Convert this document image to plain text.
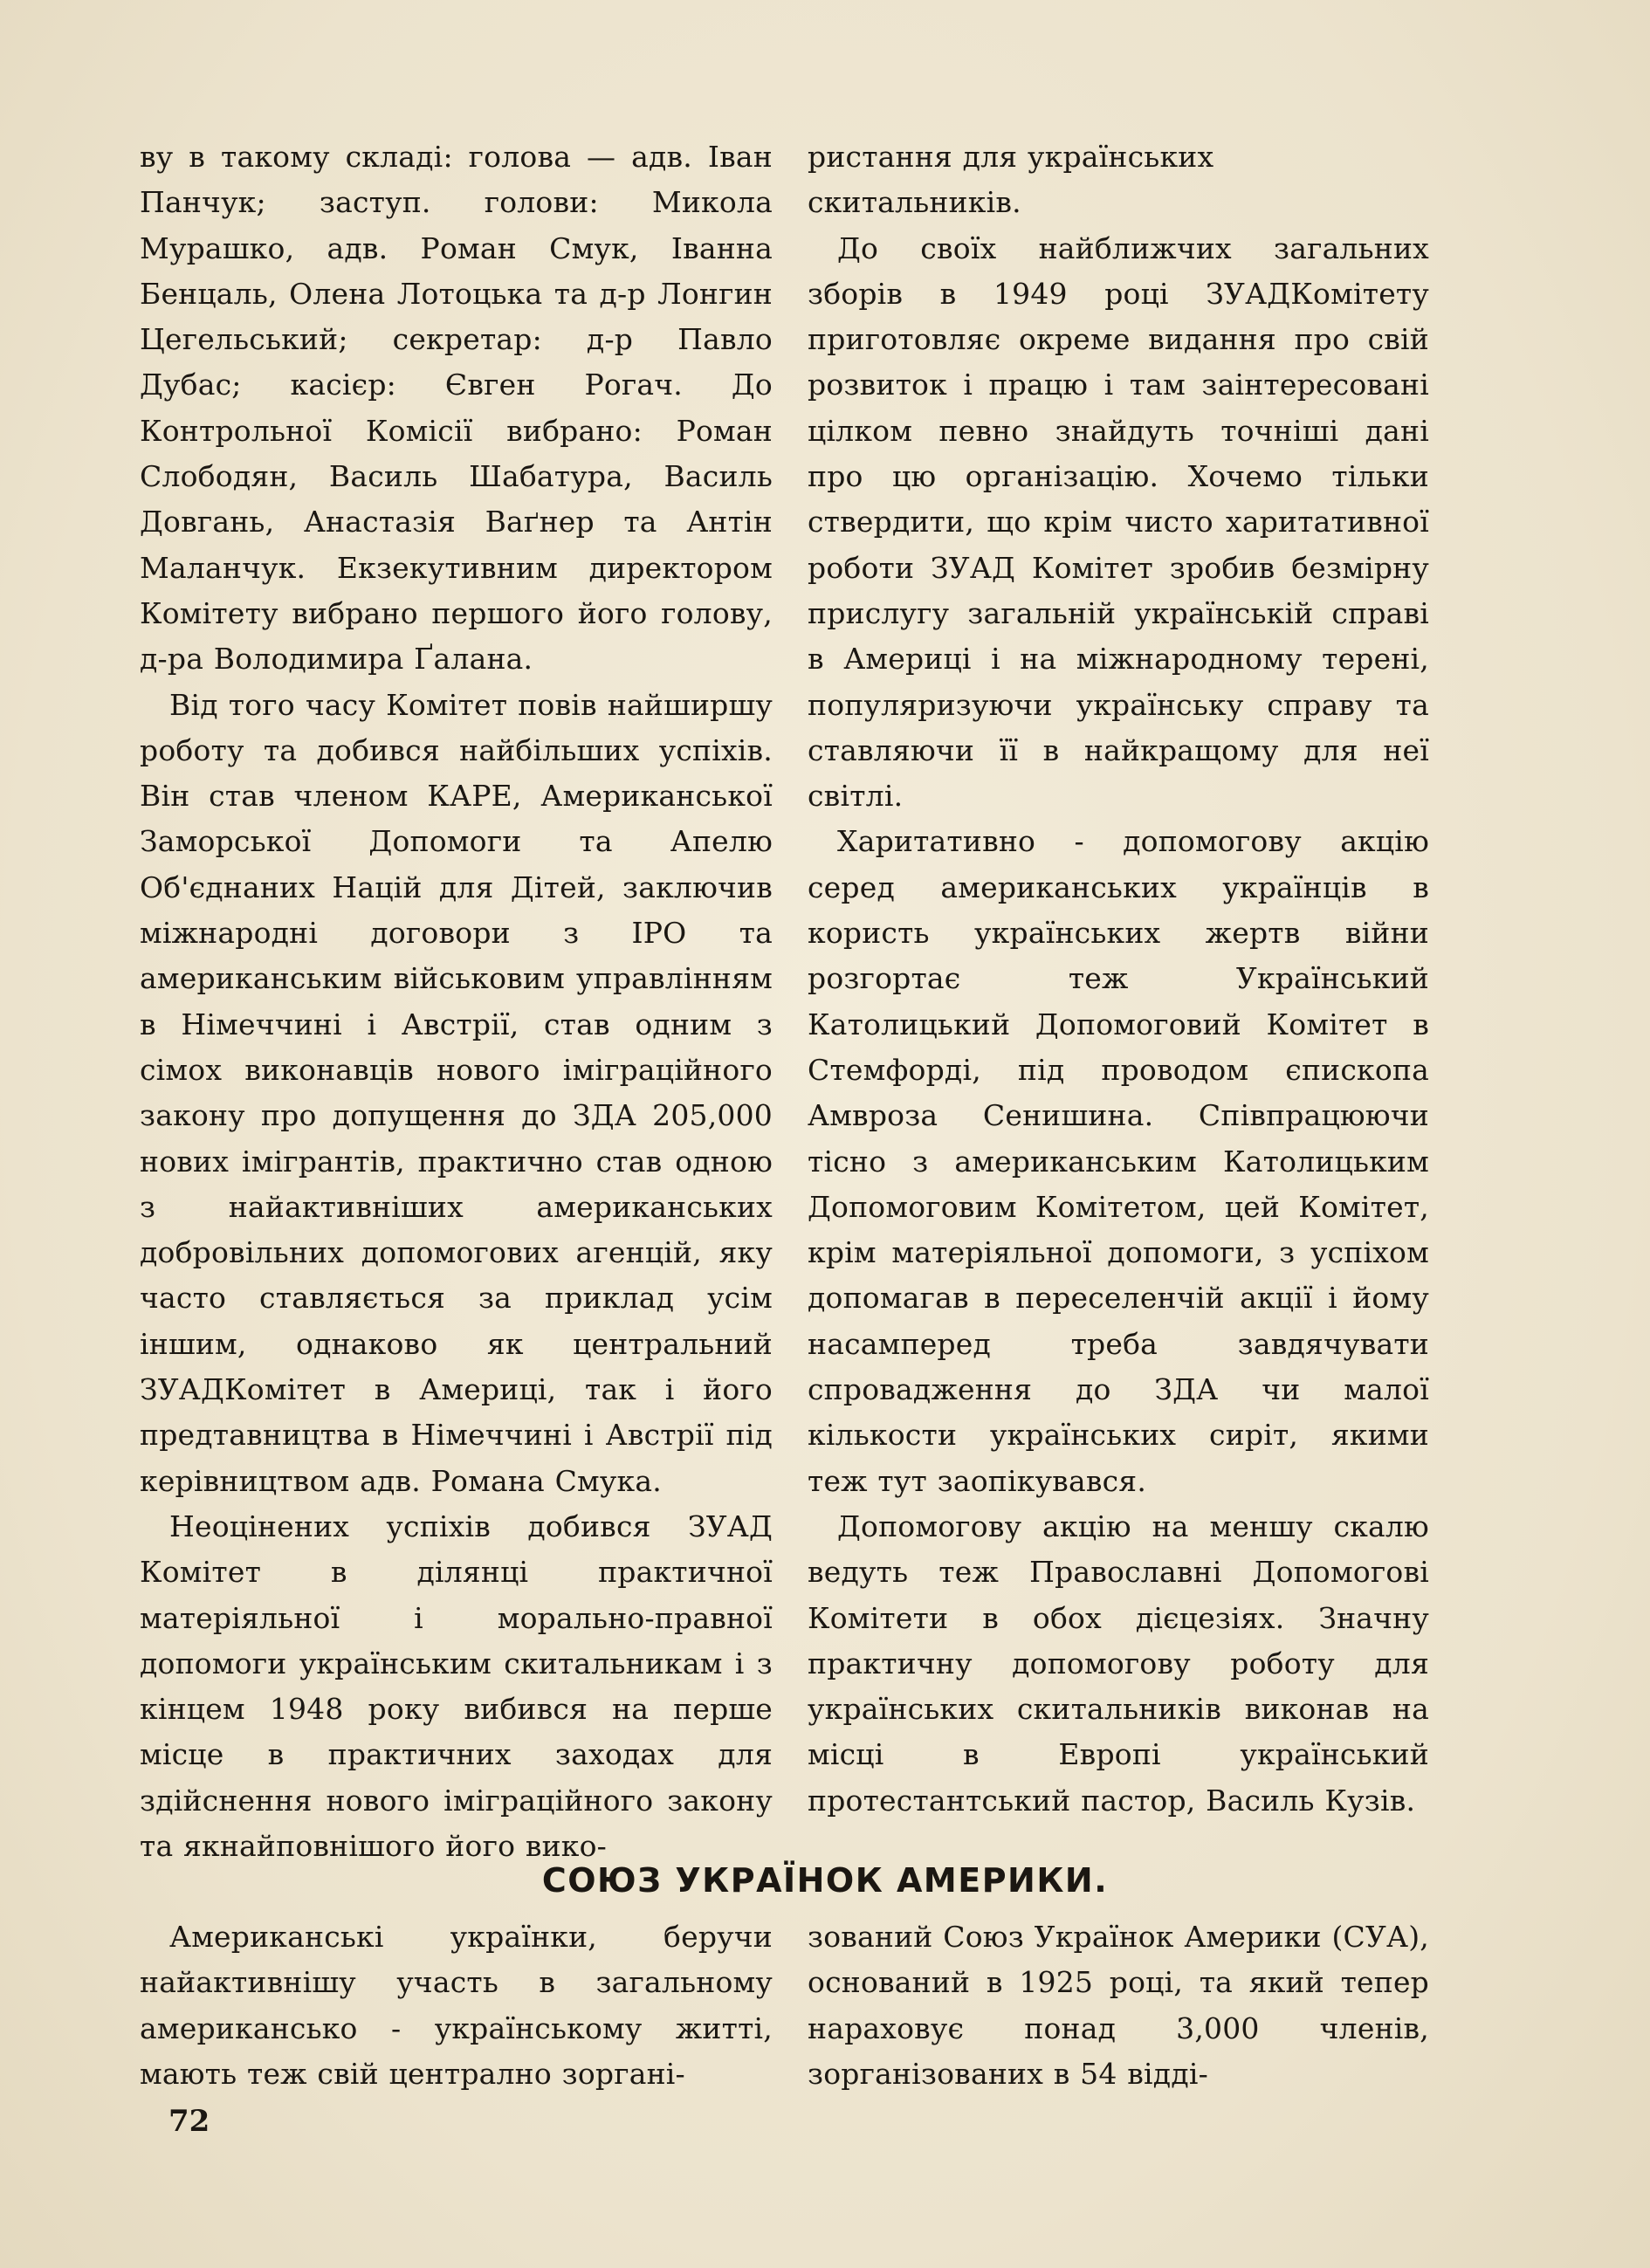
ву в такому складі: голова — адв. Іван Панчук; заступ. голови: Микола Мурашко, адв. Роман Смук, Іванна Бенцаль, Олена Лотоцька та д-р Лонгин Цегельський; секретар: д-р Павло Дубас; касієр: Євген Рогач. До Контрольної Комісії вибрано: Роман Слободян, Василь Шабатура, Василь Довгань, Анастазія Ваґнер та Антін Маланчук. Екзекутивним директором Комітету вибрано першого його голову, д-ра Володимира Ґалана.

Від того часу Комітет повів найширшу роботу та добився найбільших успіхів. Він став членом КАРЕ, Американської Заморської Допомоги та Апелю Об'єднаних Націй для Дітей, заключив міжнародні договори з ІРО та американським військовим управлінням в Німеччині і Австрії, став одним з сімох виконавців нового іміграційного закону про допущення до ЗДА 205,000 нових імігрантів, практично став одною з найактивніших американських добровільних допомогових агенцій, яку часто ставляється за приклад усім іншим, однаково як центральний ЗУАДКомітет в Америці, так і його предтавництва в Німеччині і Австрії під керівництвом адв. Романа Смука.

Неоцінених успіхів добився ЗУАД Комітет в ділянці практичної матеріяльної і морально-правної допомоги українським скитальникам і з кінцем 1948 року вибився на перше місце в практичних заходах для здійснення нового іміграційного закону та якнайповнішого його вико-

ристання для українських скитальників.

До своїх найближчих загальних зборів в 1949 році ЗУАДКомітету приготовляє окреме видання про свій розвиток і працю і там заінтересовані цілком певно знайдуть точніші дані про цю організацію. Хочемо тільки ствердити, що крім чисто харитативної роботи ЗУАД Комітет зробив безмірну прислугу загальній українській справі в Америці і на міжнародному терені, популяризуючи українську справу та ставляючи її в найкращому для неї світлі.

Харитативно - допомогову акцію серед американських українців в користь українських жертв війни розгортає теж Український Католицький Допомоговий Комітет в Стемфорді, під проводом єпископа Амвроза Сенишина. Співпрацюючи тісно з американським Католицьким Допомоговим Комітетом, цей Комітет, крім матеріяльної допомоги, з успіхом допомагав в переселенчій акції і йому насамперед треба завдячувати спровадження до ЗДА чи малої кількости українських сиріт, якими теж тут заопікувався.

Допомогову акцію на меншу скалю ведуть теж Православні Допомогові Комітети в обох дієцезіях. Значну практичну допомогову роботу для українських скитальників виконав на місці в Европі український протестантський пастор, Василь Кузів.

СОЮЗ УКРАЇНОК АМЕРИКИ.

Американські українки, беручи найактивнішу участь в загальному американсько - українському житті, мають теж свій централно зоргані-

зований Союз Українок Америки (СУА), оснований в 1925 році, та який тепер нараховує понад 3,000 членів, зорганізованих в 54 відді-

72
